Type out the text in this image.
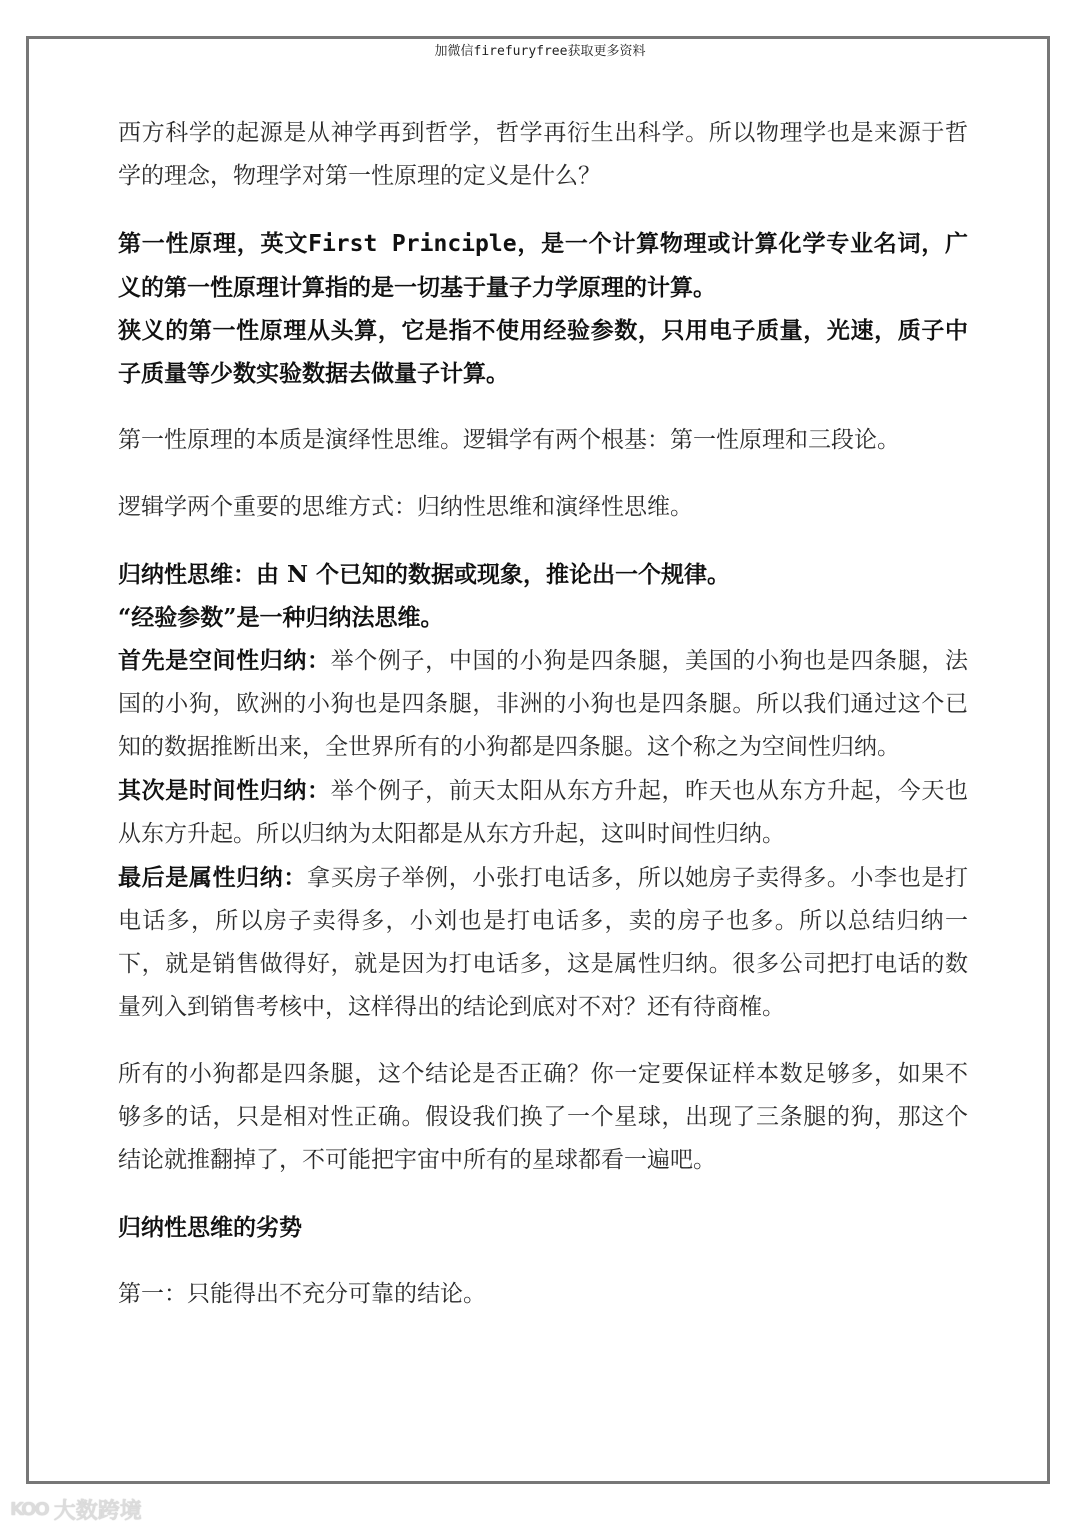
加微信firefuryfree获取更多资料

西方科学的起源是从神学再到哲学，哲学再衍生出科学。所以物理学也是来源于哲学的理念，物理学对第一性原理的定义是什么？

第一性原理，英文First Principle，是一个计算物理或计算化学专业名词，广义的第一性原理计算指的是一切基于量子力学原理的计算。

狭义的第一性原理从头算，它是指不使用经验参数，只用电子质量，光速，质子中子质量等少数实验数据去做量子计算。

第一性原理的本质是演绎性思维。逻辑学有两个根基：第一性原理和三段论。

逻辑学两个重要的思维方式：归纳性思维和演绎性思维。

归纳性思维：由 N 个已知的数据或现象，推论出一个规律。

“经验参数”是一种归纳法思维。

首先是空间性归纳：举个例子，中国的小狗是四条腿，美国的小狗也是四条腿，法国的小狗，欧洲的小狗也是四条腿，非洲的小狗也是四条腿。所以我们通过这个已知的数据推断出来，全世界所有的小狗都是四条腿。这个称之为空间性归纳。

其次是时间性归纳：举个例子，前天太阳从东方升起，昨天也从东方升起，今天也从东方升起。所以归纳为太阳都是从东方升起，这叫时间性归纳。

最后是属性归纳：拿买房子举例，小张打电话多，所以她房子卖得多。小李也是打电话多，所以房子卖得多，小刘也是打电话多，卖的房子也多。所以总结归纳一下，就是销售做得好，就是因为打电话多，这是属性归纳。很多公司把打电话的数量列入到销售考核中，这样得出的结论到底对不对？还有待商榷。

所有的小狗都是四条腿，这个结论是否正确？你一定要保证样本数足够多，如果不够多的话，只是相对性正确。假设我们换了一个星球，出现了三条腿的狗，那这个结论就推翻掉了，不可能把宇宙中所有的星球都看一遍吧。

归纳性思维的劣势

第一：只能得出不充分可靠的结论。

KOO 大数跨境
